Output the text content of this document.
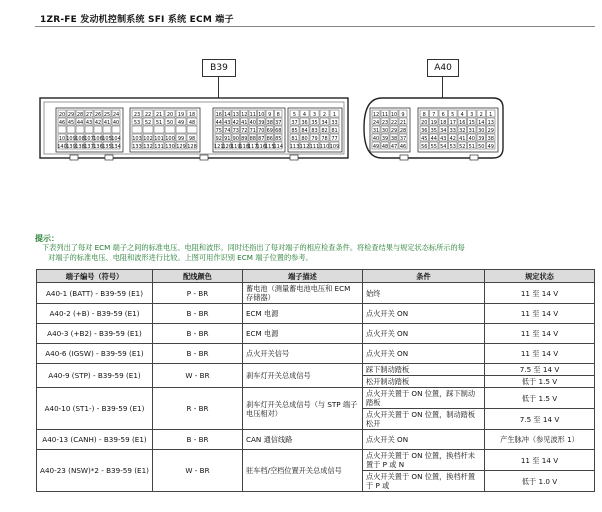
1ZR-FE 发动机控制系统 SFI 系统 ECM 端子
B39	A40
20 29 28 27 26 25 24
46 45 44 43 42 41 40
10 109 108 107 106 105 104
140 139 138 137 136 135 134
23 22 21 20 19 18
53 52 51 50 49 48
103 102 101 100 99 98
133 132 131 130 129 128
16 14 13 12 11 10 9 8
44 43 42 41 40 39 38 37
75 74 73 72 71 70 69 68
92 91 90 89 88 87 86 85
121
120
119
118
117
116
115
114
5 4 3 2 1
37 36 35 34 33
85 84 83 82 81
81 80 79 78 77
113 112 111 110 109
12 11 10 9
24 23 22 21
31 30 29 28
40 39 38 37
49 48 47 46
8 7 6 5 4 3 2 1
20 19 18 17 16 15 14 13
36 35 34 33 32 31 30 29
45 44 43 42 41 40 39 38
56 55 54 53 52 51 50 49
提示：

下表列出了每对 ECM 端子之间的标准电压、电阻和波形。同时还指出了每对端子的相应检查条件。将检查结果与规定状态标所示的每

对端子的标准电压、电阻和波形进行比较。上图可用作识别 ECM 端子位置的参考。

端子编号（符号）	配线颜色	端子描述	条件	规定状态
A40-1 (BATT) - B39-59 (E1)	P - BR	蓄电池（测量蓄电池电压和 ECM 存储器）	始终	11 至 14 V
A40-2 (+B) - B39-59 (E1)	B - BR	ECM 电源	点火开关 ON	11 至 14 V
A40-3 (+B2) - B39-59 (E1)	B - BR	ECM 电源	点火开关 ON	11 至 14 V
A40-6 (IGSW) - B39-59 (E1)	B - BR	点火开关信号	点火开关 ON	11 至 14 V
A40-9 (STP) - B39-59 (E1)	W - BR	刹车灯开关总成信号	踩下制动踏板	7.5 至 14 V
			松开制动踏板	低于 1.5 V
A40-10 (ST1-) - B39-59 (E1)	R - BR	刹车灯开关总成信号（与 STP 端子电压相对）	点火开关置于 ON 位置，踩下制动踏板	低于 1.5 V
			点火开关置于 ON 位置，制动踏板松开	7.5 至 14 V
A40-13 (CANH) - B39-59 (E1)	B - BR	CAN 通信线路	点火开关 ON	产生脉冲（参见波形 1）
A40-23 (NSW)*2 - B39-59 (E1)	W - BR	驻车档/空档位置开关总成信号	点火开关置于 ON 位置，换档杆未置于 P 或 N	11 至 14 V
			点火开关置于 ON 位置，换档杆置于 P 或	低于 1.0 V
